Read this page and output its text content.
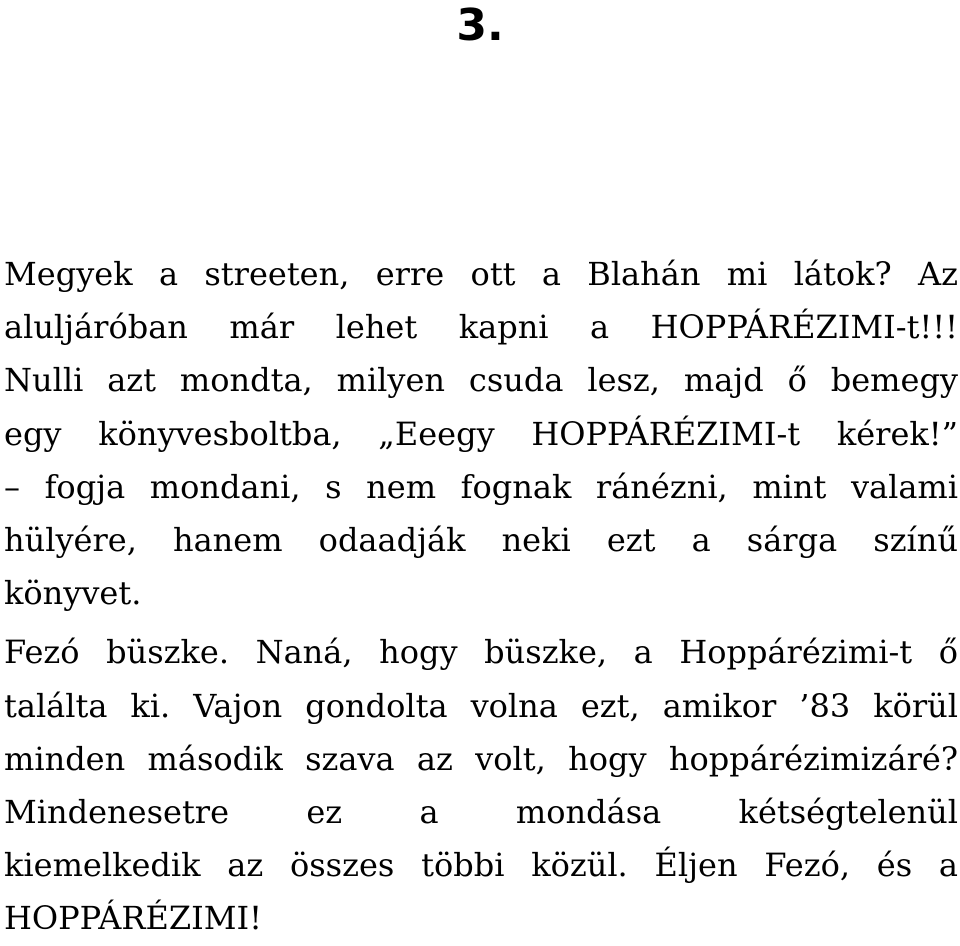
3.
Megyek a streeten, erre ott a Blahán mi látok? Az
aluljáróban már lehet kapni a HOPPÁRÉZIMI-t!!!
Nulli azt mondta, milyen csuda lesz, majd ő bemegy
egy könyvesboltba, „Eeegy HOPPÁRÉZIMI-t kérek!”
– fogja mondani, s nem fognak ránézni, mint valami
hülyére, hanem odaadják neki ezt a sárga színű
könyvet.
Fezó büszke. Naná, hogy büszke, a Hoppárézimi-t ő
találta ki. Vajon gondolta volna ezt, amikor ’83 körül
minden második szava az volt, hogy hoppárézimizáré?
Mindenesetre ez a mondása kétségtelenül
kiemelkedik az összes többi közül. Éljen Fezó, és a
HOPPÁRÉZIMI!
